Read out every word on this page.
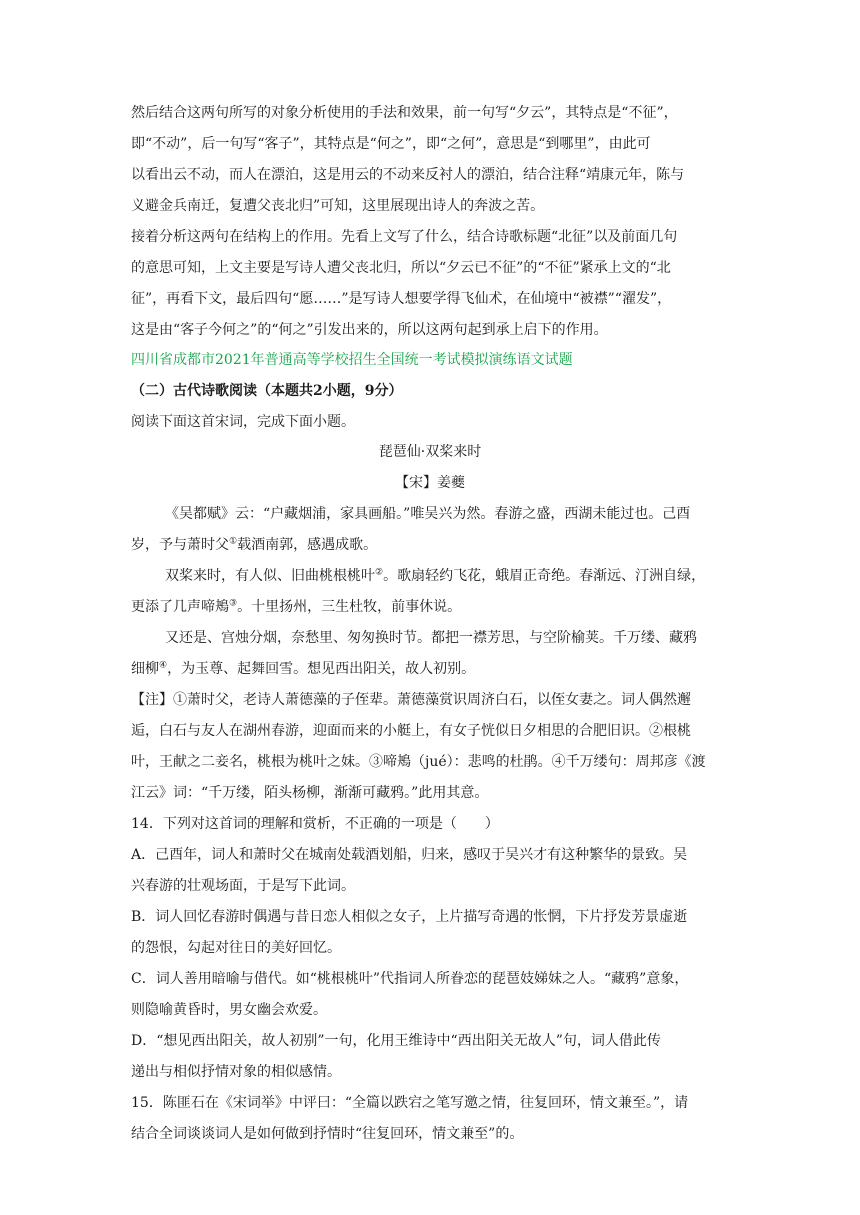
然后结合这两句所写的对象分析使用的手法和效果，前一句写“夕云”，其特点是“不征”，
即“不动”，后一句写“客子”，其特点是“何之”，即“之何”，意思是“到哪里”，由此可
以看出云不动，而人在漂泊，这是用云的不动来反衬人的漂泊，结合注释“靖康元年，陈与
义避金兵南迁，复遭父丧北归”可知，这里展现出诗人的奔波之苦。
接着分析这两句在结构上的作用。先看上文写了什么，结合诗歌标题“北征”以及前面几句
的意思可知，上文主要是写诗人遭父丧北归，所以“夕云已不征”的“不征”紧承上文的“北
征”，再看下文，最后四句“愿……”是写诗人想要学得飞仙术，在仙境中“被襟”“濯发”，
这是由“客子今何之”的“何之”引发出来的，所以这两句起到承上启下的作用。
四川省成都市2021年普通高等学校招生全国统一考试模拟演练语文试题
（二）古代诗歌阅读（本题共2小题，9分）
阅读下面这首宋词，完成下面小题。
琵琶仙·双桨来时
【宋】姜夔
《吴都赋》云：“户藏烟浦，家具画船。”唯吴兴为然。春游之盛，西湖未能过也。己酉
岁，予与萧时父①载酒南郭，感遇成歌。
双桨来时，有人似、旧曲桃根桃叶②。歌扇轻约飞花，蛾眉正奇绝。春渐远、汀洲自绿，
更添了几声啼鴂③。十里扬州，三生杜牧，前事休说。
又还是、宫烛分烟，奈愁里、匆匆换时节。都把一襟芳思，与空阶榆荚。千万缕、藏鸦
细柳④，为玉尊、起舞回雪。想见西出阳关，故人初别。
【注】①萧时父，老诗人萧德藻的子侄辈。萧德藻赏识周济白石，以侄女妻之。词人偶然邂
逅，白石与友人在湖州春游，迎面而来的小艇上，有女子恍似日夕相思的合肥旧识。②根桃
叶，王献之二妾名，桃根为桃叶之妹。③啼鴂（jué）：悲鸣的杜鹃。④千万缕句：周邦彦《渡
江云》词：“千万缕，陌头杨柳，渐渐可藏鸦。”此用其意。
14．下列对这首词的理解和赏析，不正确的一项是（　　）
A．己酉年，词人和萧时父在城南处载酒划船，归来，感叹于吴兴才有这种繁华的景致。吴
兴春游的壮观场面，于是写下此词。
B．词人回忆春游时偶遇与昔日恋人相似之女子，上片描写奇遇的怅惘，下片抒发芳景虚逝
的怨恨，勾起对往日的美好回忆。
C．词人善用暗喻与借代。如“桃根桃叶”代指词人所眷恋的琵琶妓娣妹之人。“藏鸦”意象，
则隐喻黄昏时，男女幽会欢爱。
D．“想见西出阳关，故人初别”一句，化用王维诗中“西出阳关无故人”句，词人借此传
递出与相似抒情对象的相似感情。
15．陈匪石在《宋词举》中评曰：“全篇以跌宕之笔写邀之情，往复回环，情文兼至。”，请
结合全词谈谈词人是如何做到抒情时“往复回环，情文兼至”的。
